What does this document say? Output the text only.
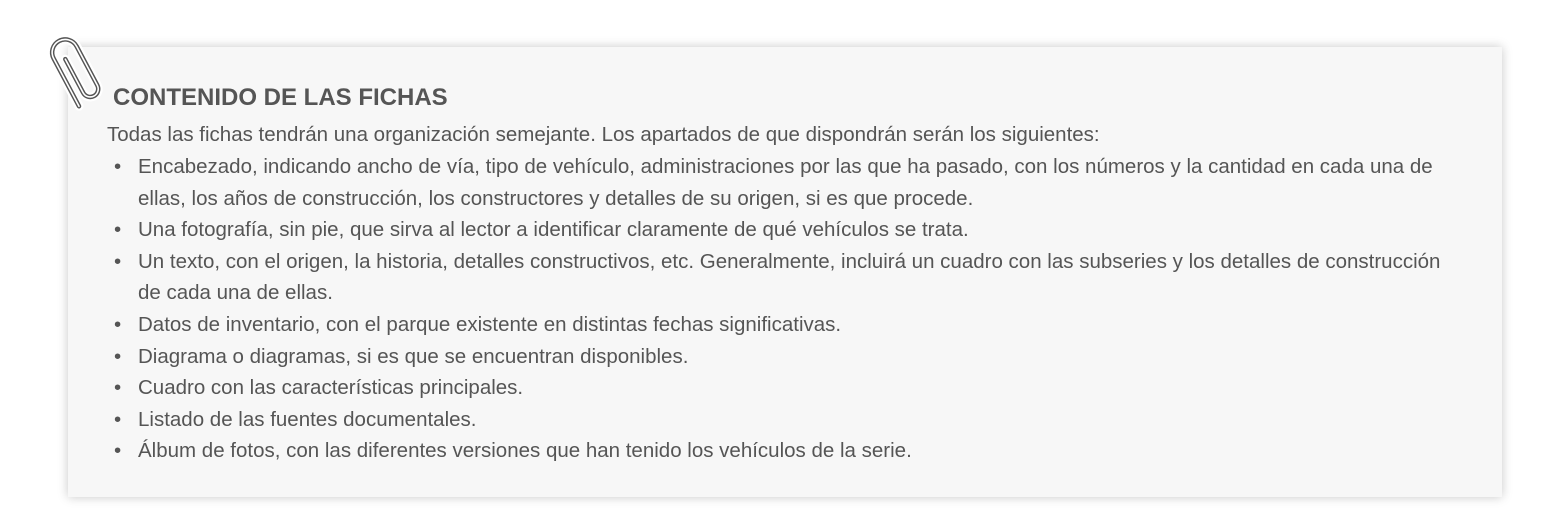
CONTENIDO DE LAS FICHAS

Todas las fichas tendrán una organización semejante. Los apartados de que dispondrán serán los siguientes:

• Encabezado, indicando ancho de vía, tipo de vehículo, administraciones por las que ha pasado, con los números y la cantidad en cada una de ellas, los años de construcción, los constructores y detalles de su origen, si es que procede.
• Una fotografía, sin pie, que sirva al lector a identificar claramente de qué vehículos se trata.
• Un texto, con el origen, la historia, detalles constructivos, etc. Generalmente, incluirá un cuadro con las subseries y los detalles de construcción de cada una de ellas.
• Datos de inventario, con el parque existente en distintas fechas significativas.
• Diagrama o diagramas, si es que se encuentran disponibles.
• Cuadro con las características principales.
• Listado de las fuentes documentales.
• Álbum de fotos, con las diferentes versiones que han tenido los vehículos de la serie.
